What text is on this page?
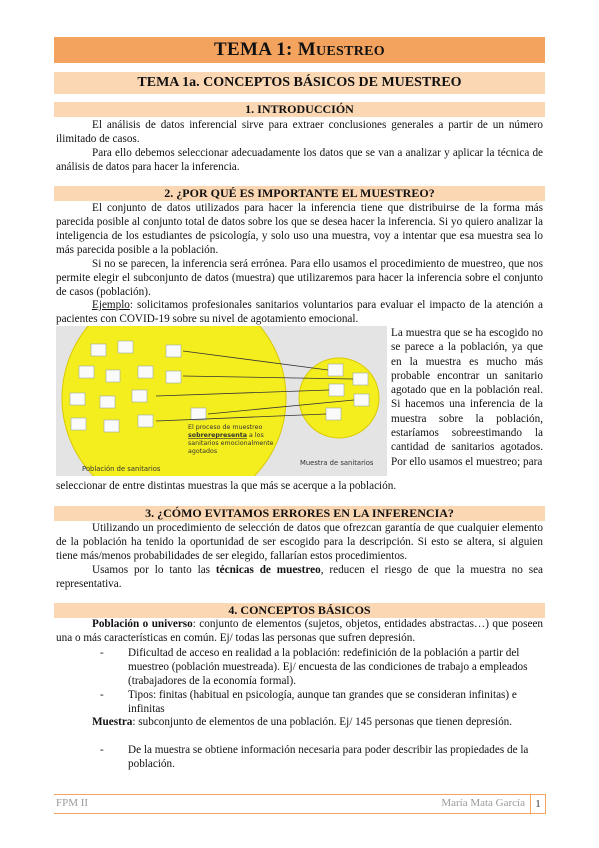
TEMA 1: MUESTREO
TEMA 1a. CONCEPTOS BÁSICOS DE MUESTREO
1. INTRODUCCIÓN

El análisis de datos inferencial sirve para extraer conclusiones generales a partir de un número ilimitado de casos.

Para ello debemos seleccionar adecuadamente los datos que se van a analizar y aplicar la técnica de análisis de datos para hacer la inferencia.

2. ¿POR QUÉ ES IMPORTANTE EL MUESTREO?

El conjunto de datos utilizados para hacer la inferencia tiene que distribuirse de la forma más parecida posible al conjunto total de datos sobre los que se desea hacer la inferencia. Si yo quiero analizar la inteligencia de los estudiantes de psicología, y solo uso una muestra, voy a intentar que esa muestra sea lo más parecida posible a la población.

Si no se parecen, la inferencia será errónea. Para ello usamos el procedimiento de muestreo, que nos permite elegir el subconjunto de datos (muestra) que utilizaremos para hacer la inferencia sobre el conjunto de casos (población).

Ejemplo: solicitamos profesionales sanitarios voluntarios para evaluar el impacto de la atención a pacientes con COVID-19 sobre su nivel de agotamiento emocional.

El proceso de muestreo
sobrerepresenta a los
sanitarios emocionalmente
agotados
Población de sanitarios
Muestra de sanitarios

La muestra que se ha escogido no se parece a la población, ya que en la muestra es mucho más probable encontrar un sanitario agotado que en la población real. Si hacemos una inferencia de la muestra sobre la población, estaríamos sobreestimando la cantidad de sanitarios agotados. Por ello usamos el muestreo; para

seleccionar de entre distintas muestras la que más se acerque a la población.

3. ¿CÓMO EVITAMOS ERRORES EN LA INFERENCIA?

Utilizando un procedimiento de selección de datos que ofrezcan garantía de que cualquier elemento de la población ha tenido la oportunidad de ser escogido para la descripción. Si esto se altera, si alguien tiene más/menos probabilidades de ser elegido, fallarían estos procedimientos.

Usamos por lo tanto las técnicas de muestreo, reducen el riesgo de que la muestra no sea representativa.

4. CONCEPTOS BÁSICOS

Población o universo: conjunto de elementos (sujetos, objetos, entidades abstractas…) que poseen una o más características en común. Ej/ todas las personas que sufren depresión.

- Dificultad de acceso en realidad a la población: redefinición de la población a partir del muestreo (población muestreada). Ej/ encuesta de las condiciones de trabajo a empleados (trabajadores de la economía formal).
- Tipos: finitas (habitual en psicología, aunque tan grandes que se consideran infinitas) e infinitas

Muestra: subconjunto de elementos de una población. Ej/ 145 personas que tienen depresión.

- De la muestra se obtiene información necesaria para poder describir las propiedades de la población.
FPM II	María Mata García 1
